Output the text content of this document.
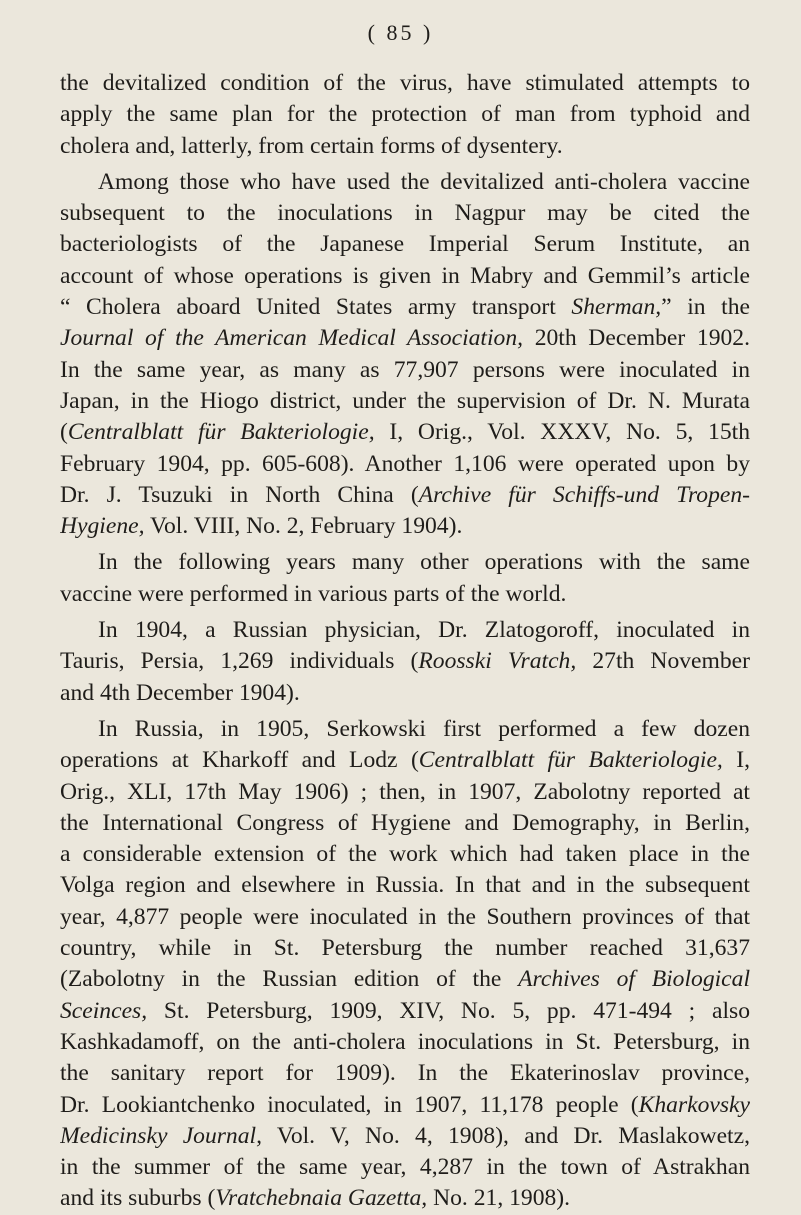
( 85 )

the devitalized condition of the virus, have stimulated attempts to
apply the same plan for the protection of man from typhoid and
cholera and, latterly, from certain forms of dysentery.

Among those who have used the devitalized anti-cholera vaccine
subsequent to the inoculations in Nagpur may be cited the
bacteriologists of the Japanese Imperial Serum Institute, an
account of whose operations is given in Mabry and Gemmil’s article
“ Cholera aboard United States army transport Sherman,” in the
Journal of the American Medical Association, 20th December 1902.
In the same year, as many as 77,907 persons were inoculated in
Japan, in the Hiogo district, under the supervision of Dr. N. Murata
(Centralblatt für Bakteriologie, I, Orig., Vol. XXXV, No. 5, 15th
February 1904, pp. 605-608). Another 1,106 were operated upon by
Dr. J. Tsuzuki in North China (Archive für Schiffs-und Tropen-
Hygiene, Vol. VIII, No. 2, February 1904).

In the following years many other operations with the same
vaccine were performed in various parts of the world.

In 1904, a Russian physician, Dr. Zlatogoroff, inoculated in
Tauris, Persia, 1,269 individuals (Roosski Vratch, 27th November
and 4th December 1904).

In Russia, in 1905, Serkowski first performed a few dozen
operations at Kharkoff and Lodz (Centralblatt für Bakteriologie, I,
Orig., XLI, 17th May 1906) ; then, in 1907, Zabolotny reported at
the International Congress of Hygiene and Demography, in Berlin,
a considerable extension of the work which had taken place in the
Volga region and elsewhere in Russia. In that and in the subsequent
year, 4,877 people were inoculated in the Southern provinces of that
country, while in St. Petersburg the number reached 31,637
(Zabolotny in the Russian edition of the Archives of Biological
Sceinces, St. Petersburg, 1909, XIV, No. 5, pp. 471-494 ; also
Kashkadamoff, on the anti-cholera inoculations in St. Petersburg, in
the sanitary report for 1909). In the Ekaterinoslav province,
Dr. Lookiantchenko inoculated, in 1907, 11,178 people (Kharkovsky
Medicinsky Journal, Vol. V, No. 4, 1908), and Dr. Maslakowetz,
in the summer of the same year, 4,287 in the town of Astrakhan
and its suburbs (Vratchebnaia Gazetta, No. 21, 1908).
